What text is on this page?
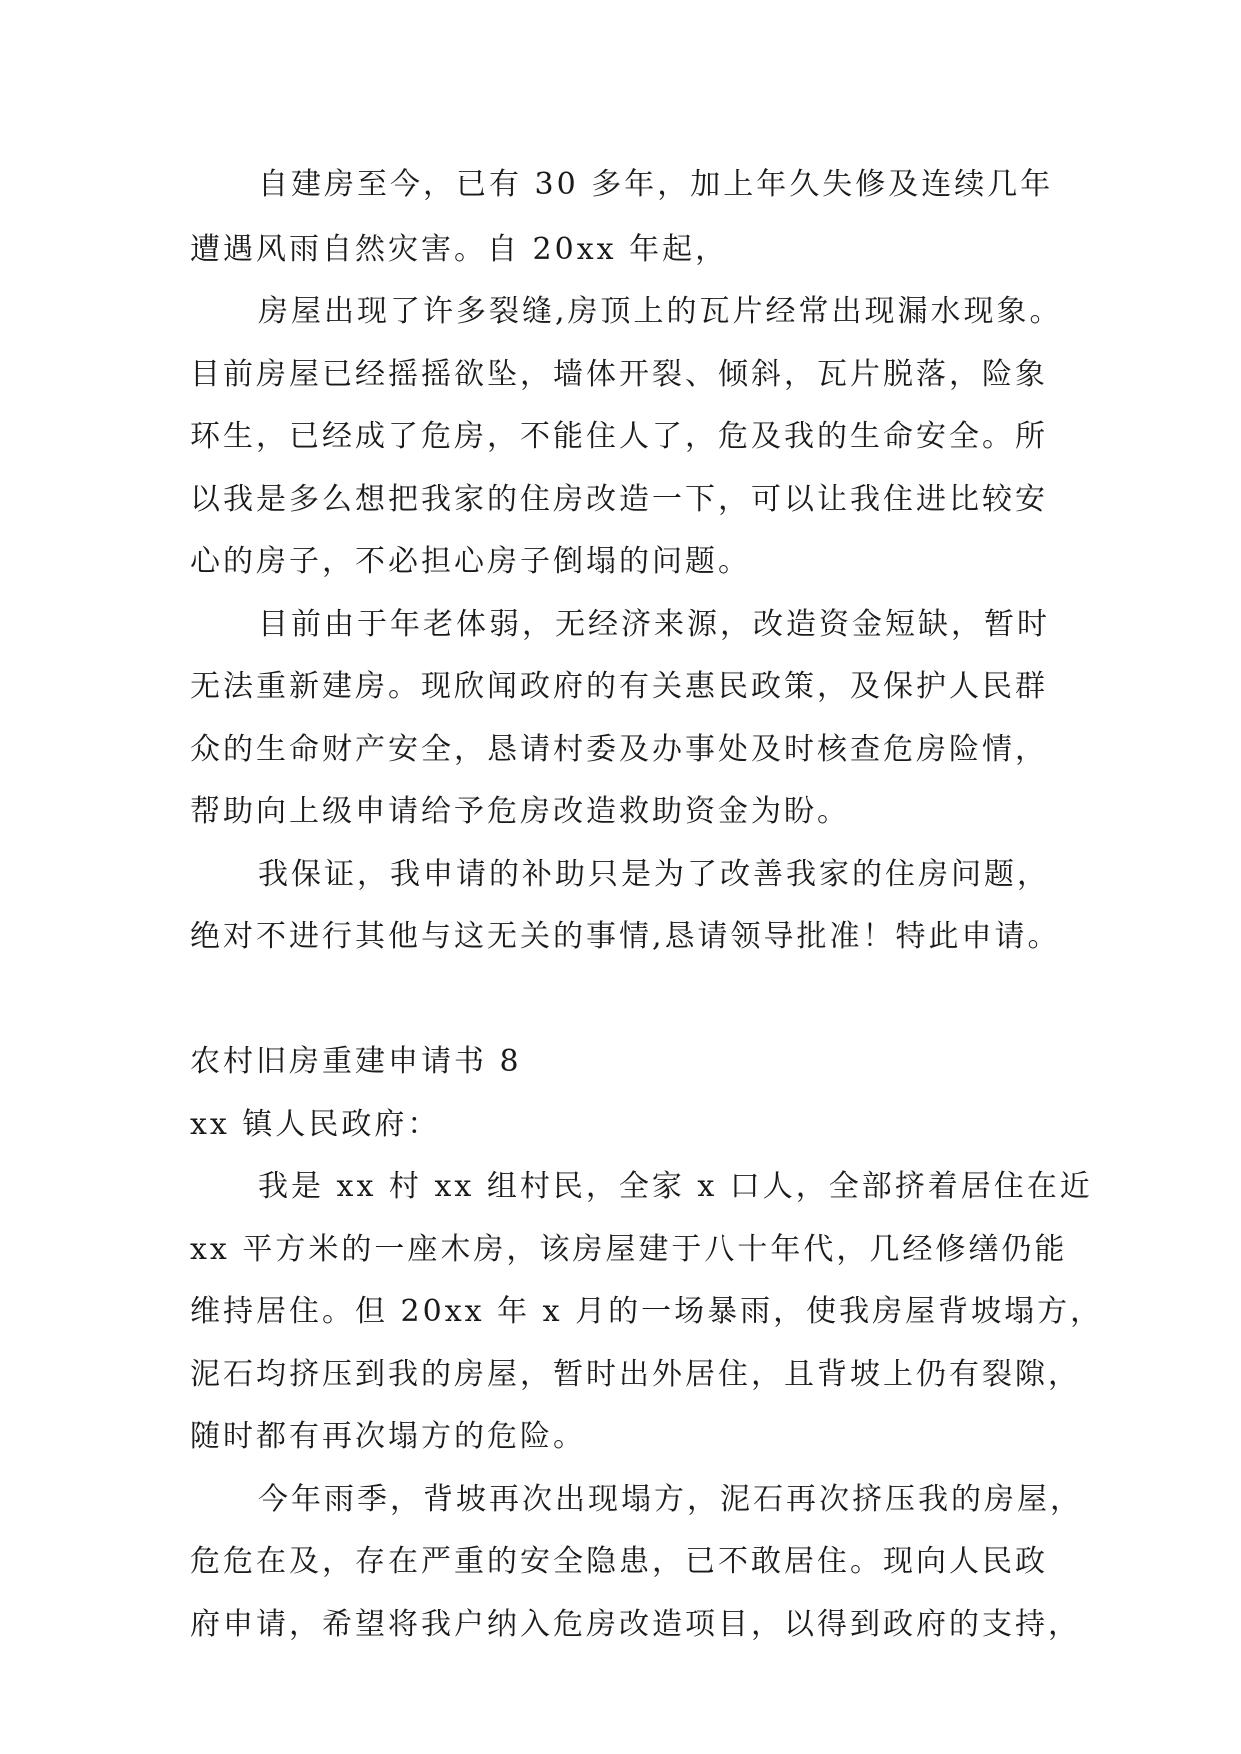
自建房至今，已有 30 多年，加上年久失修及连续几年
遭遇风雨自然灾害。自 20xx 年起，
房屋出现了许多裂缝,房顶上的瓦片经常出现漏水现象。
目前房屋已经摇摇欲坠，墙体开裂、倾斜，瓦片脱落，险象
环生，已经成了危房，不能住人了，危及我的生命安全。所
以我是多么想把我家的住房改造一下，可以让我住进比较安
心的房子，不必担心房子倒塌的问题。
目前由于年老体弱，无经济来源，改造资金短缺，暂时
无法重新建房。现欣闻政府的有关惠民政策，及保护人民群
众的生命财产安全，恳请村委及办事处及时核查危房险情，
帮助向上级申请给予危房改造救助资金为盼。
我保证，我申请的补助只是为了改善我家的住房问题，
绝对不进行其他与这无关的事情,恳请领导批准！特此申请。
农村旧房重建申请书 8
xx 镇人民政府：
我是 xx 村 xx 组村民，全家 x 口人，全部挤着居住在近
xx 平方米的一座木房，该房屋建于八十年代，几经修缮仍能
维持居住。但 20xx 年 x 月的一场暴雨，使我房屋背坡塌方，
泥石均挤压到我的房屋，暂时出外居住，且背坡上仍有裂隙，
随时都有再次塌方的危险。
今年雨季，背坡再次出现塌方，泥石再次挤压我的房屋，
危危在及，存在严重的安全隐患，已不敢居住。现向人民政
府申请，希望将我户纳入危房改造项目，以得到政府的支持，
